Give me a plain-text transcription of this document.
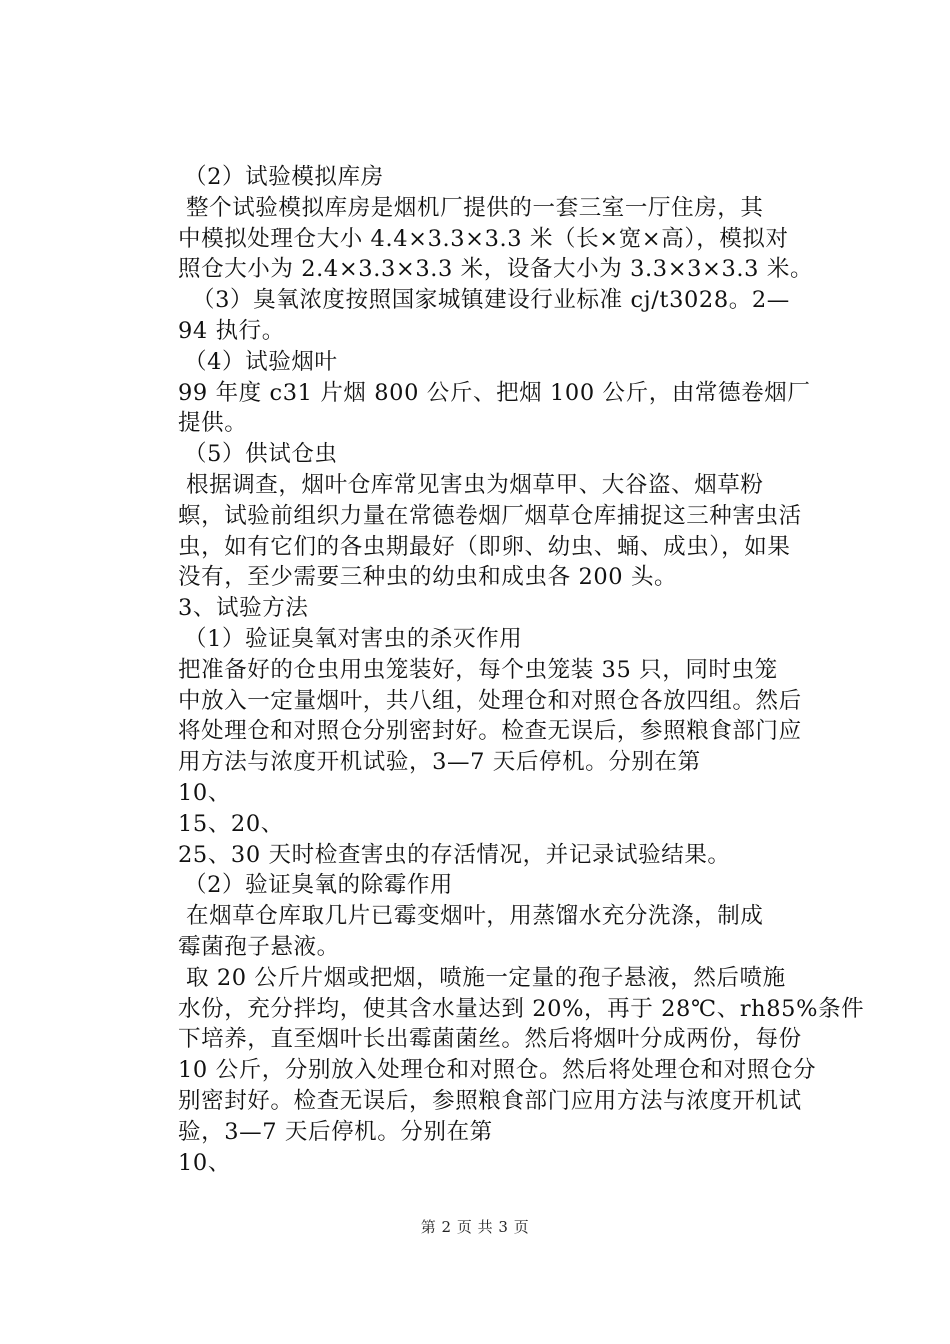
（2）试验模拟库房
整个试验模拟库房是烟机厂提供的一套三室一厅住房，其
中模拟处理仓大小 4.4×3.3×3.3 米（长×宽×高），模拟对
照仓大小为 2.4×3.3×3.3 米，设备大小为 3.3×3×3.3 米。
（3）臭氧浓度按照国家城镇建设行业标准 cj/t3028。2—
94 执行。
（4）试验烟叶
99 年度 c31 片烟 800 公斤、把烟 100 公斤，由常德卷烟厂
提供。
（5）供试仓虫
根据调查，烟叶仓库常见害虫为烟草甲、大谷盗、烟草粉
螟，试验前组织力量在常德卷烟厂烟草仓库捕捉这三种害虫活
虫，如有它们的各虫期最好（即卵、幼虫、蛹、成虫），如果
没有，至少需要三种虫的幼虫和成虫各 200 头。
3、试验方法
（1）验证臭氧对害虫的杀灭作用
把准备好的仓虫用虫笼装好，每个虫笼装 35 只，同时虫笼
中放入一定量烟叶，共八组，处理仓和对照仓各放四组。然后
将处理仓和对照仓分别密封好。检查无误后，参照粮食部门应
用方法与浓度开机试验，3—7 天后停机。分别在第
10、
15、20、
25、30 天时检查害虫的存活情况，并记录试验结果。
（2）验证臭氧的除霉作用
在烟草仓库取几片已霉变烟叶，用蒸馏水充分洗涤，制成
霉菌孢子悬液。
取 20 公斤片烟或把烟，喷施一定量的孢子悬液，然后喷施
水份，充分拌均，使其含水量达到 20%，再于 28℃、rh85%条件
下培养，直至烟叶长出霉菌菌丝。然后将烟叶分成两份，每份
10 公斤，分别放入处理仓和对照仓。然后将处理仓和对照仓分
别密封好。检查无误后，参照粮食部门应用方法与浓度开机试
验，3—7 天后停机。分别在第
10、
第 2 页 共 3 页
